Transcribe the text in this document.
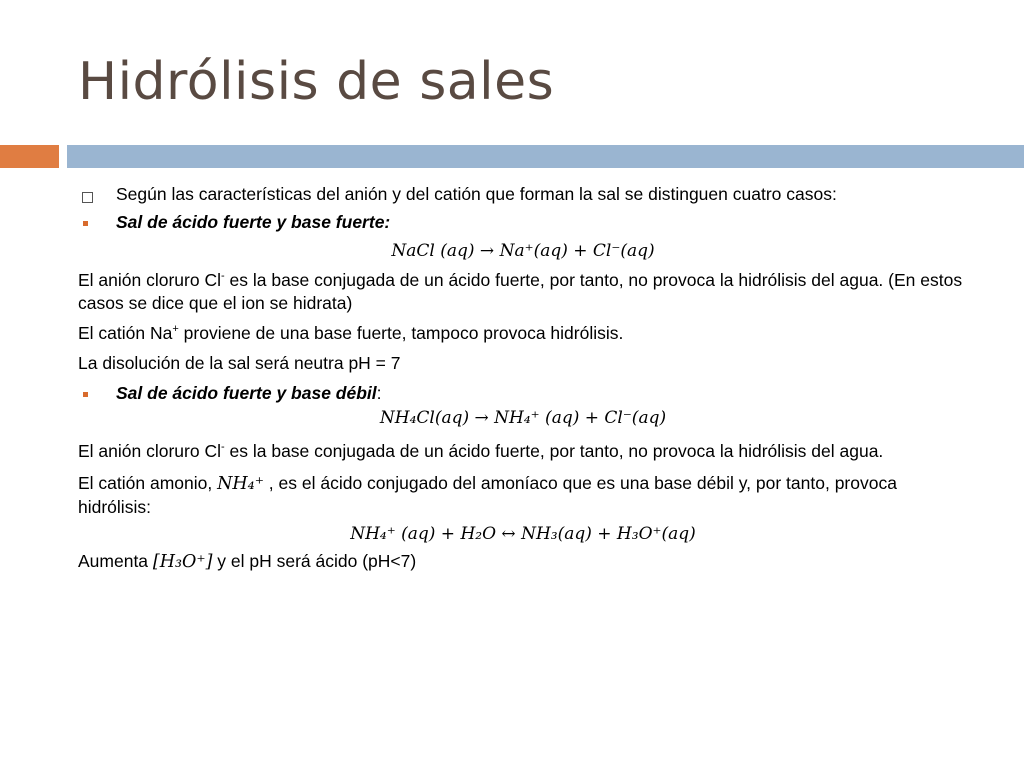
Hidrólisis de sales
Según las características del anión y del catión que forman la sal se distinguen cuatro casos:
Sal de ácido fuerte y base fuerte:
NaCl (aq) → Na⁺(aq) + Cl⁻(aq)
El anión cloruro Cl- es la base conjugada de un ácido fuerte, por tanto, no provoca la hidrólisis del agua. (En estos casos se dice que el ion se hidrata)
El catión Na+ proviene de una base fuerte, tampoco provoca hidrólisis.
La disolución de la sal será neutra pH = 7
Sal de ácido fuerte y base débil:
NH₄Cl(aq) → NH₄⁺ (aq) + Cl⁻(aq)
El anión cloruro Cl- es la base conjugada de un ácido fuerte, por tanto, no provoca la hidrólisis del agua.
El catión amonio, NH₄⁺ , es el ácido conjugado del amoníaco que es una base débil y, por tanto, provoca hidrólisis:
NH₄⁺ (aq) + H₂O ↔ NH₃(aq) + H₃O⁺(aq)
Aumenta [H₃O⁺] y el pH será ácido (pH<7)
